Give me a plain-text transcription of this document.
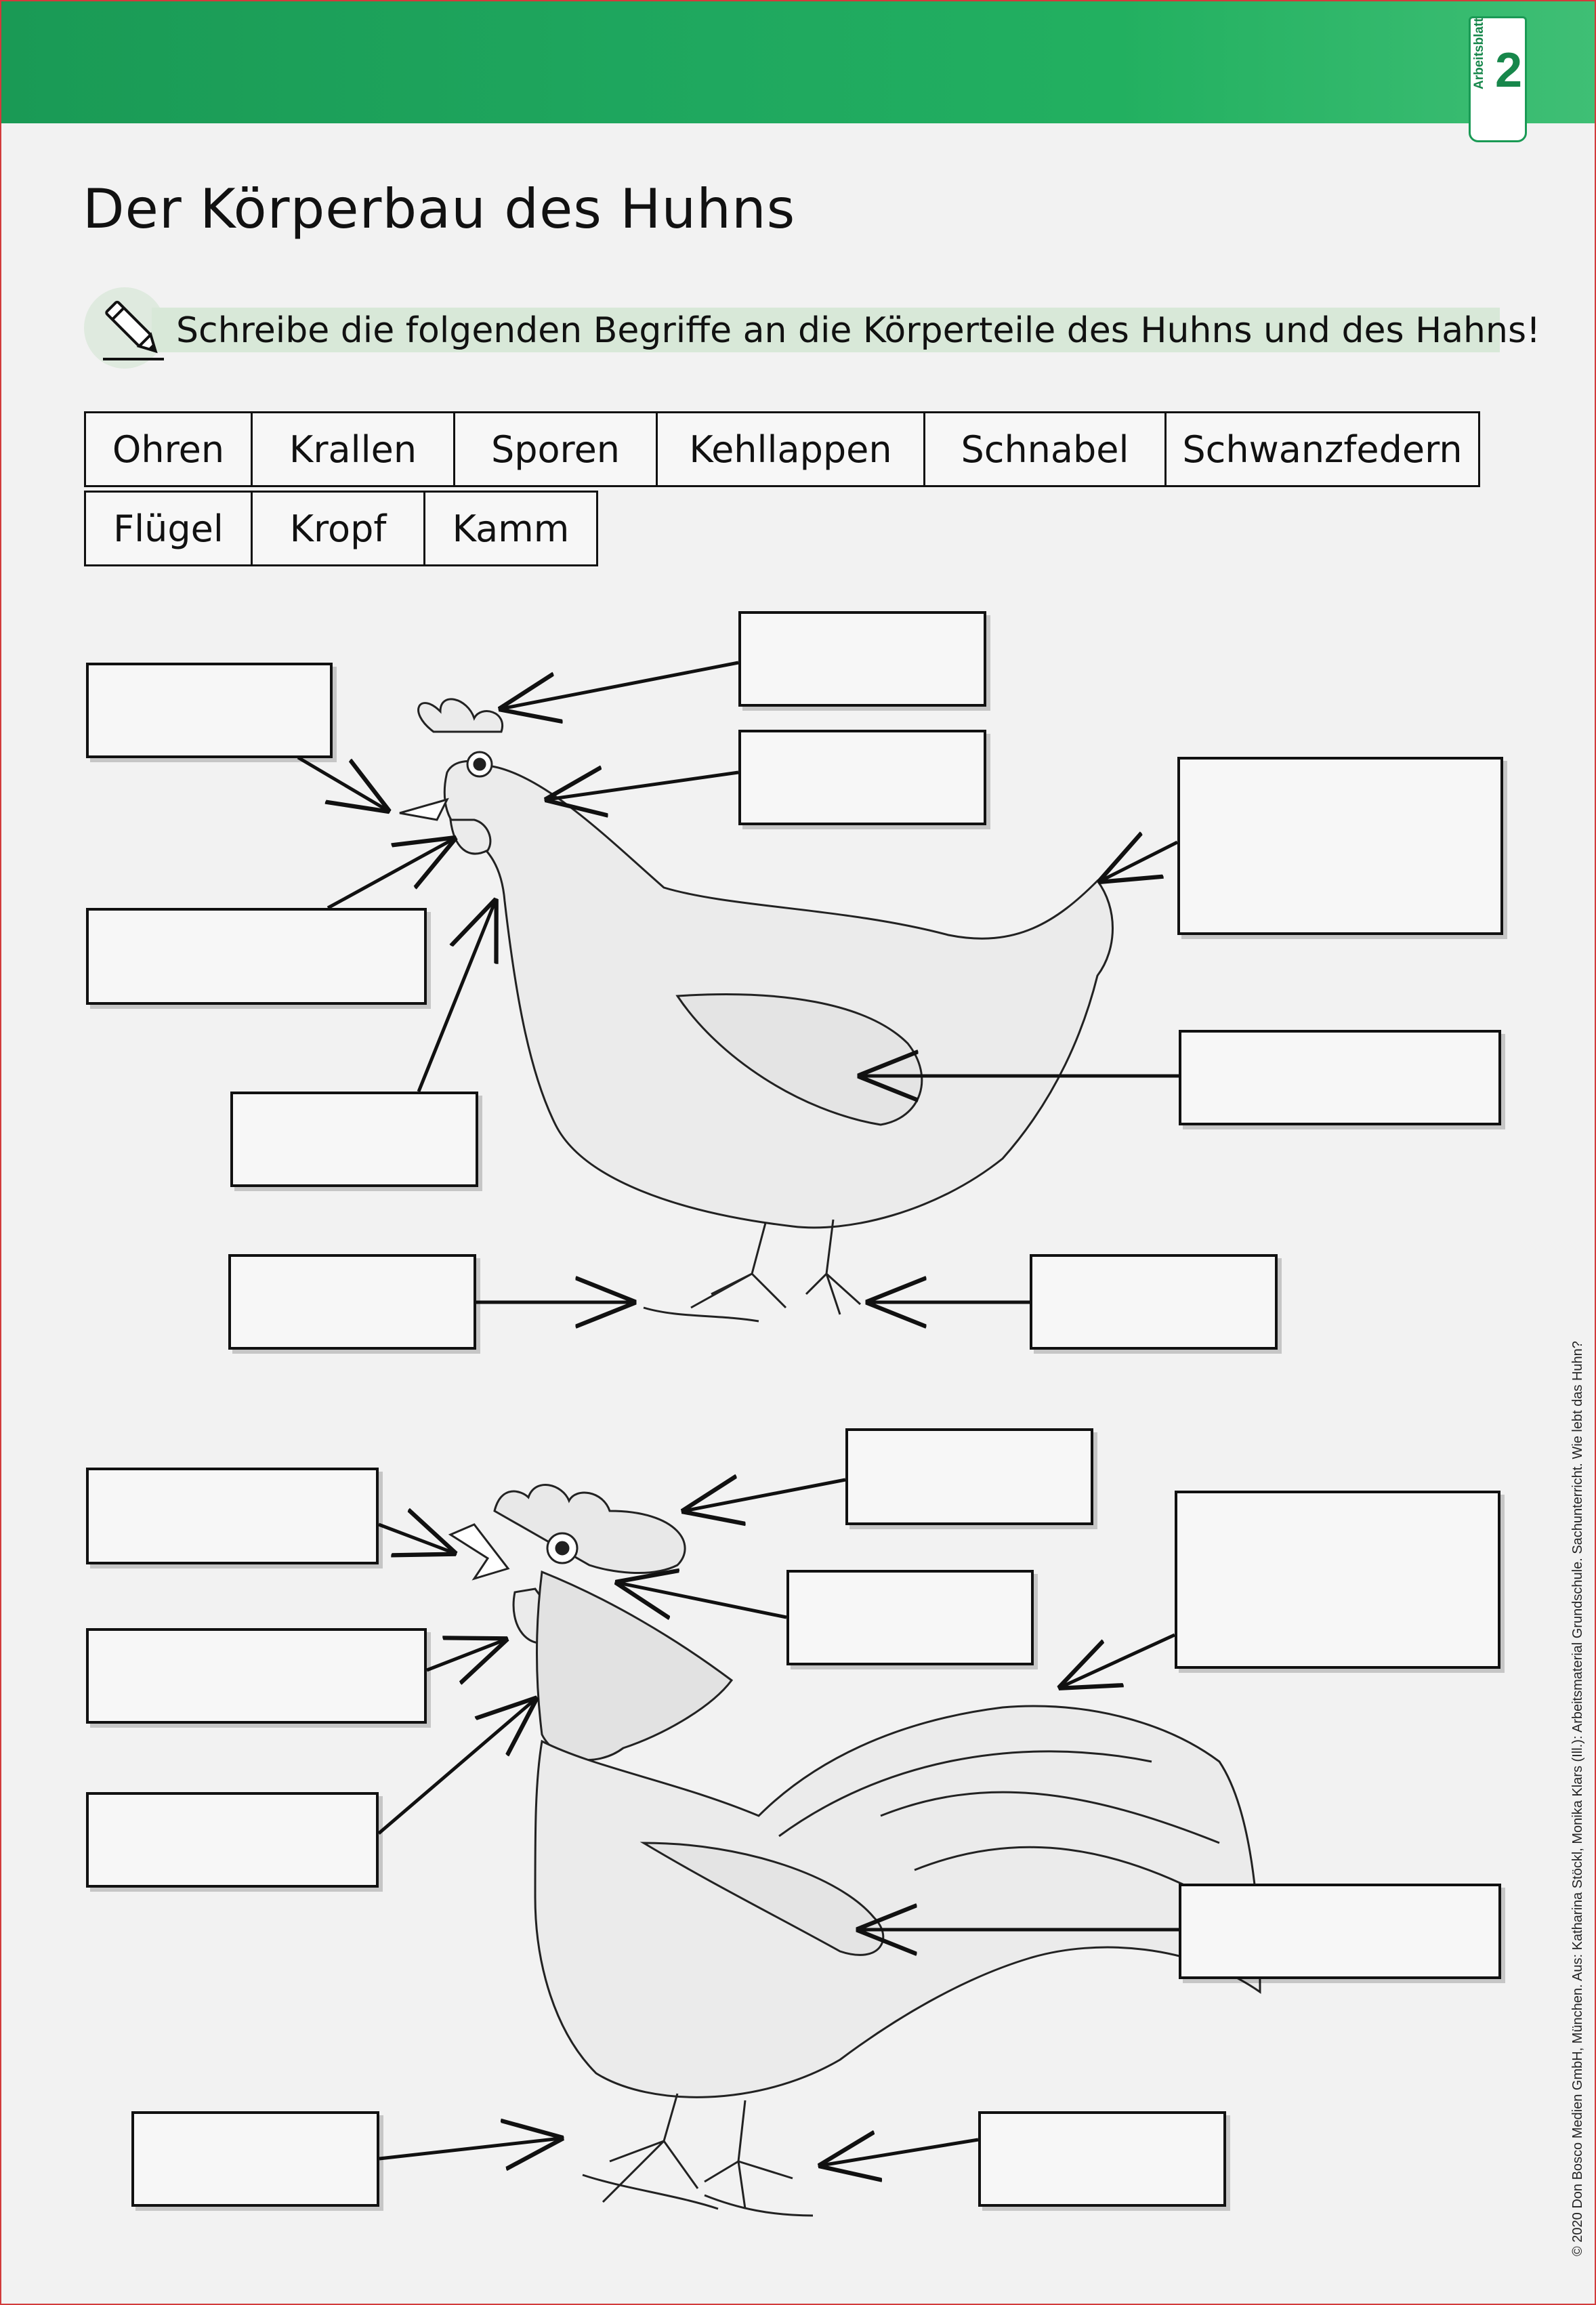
Arbeitsblatt 2
Der Körperbau des Huhns
Schreibe die folgenden Begriffe an die Körperteile des Huhns und des Hahns!
Ohren	Krallen	Sporen	Kehllappen	Schnabel	Schwanzfedern
Flügel	Kropf	Kamm
© 2020 Don Bosco Medien GmbH, München. Aus: Katharina Stöckl, Monika Klars (Ill.): Arbeitsmaterial Grundschule. Sachunterricht. Wie lebt das Huhn?
